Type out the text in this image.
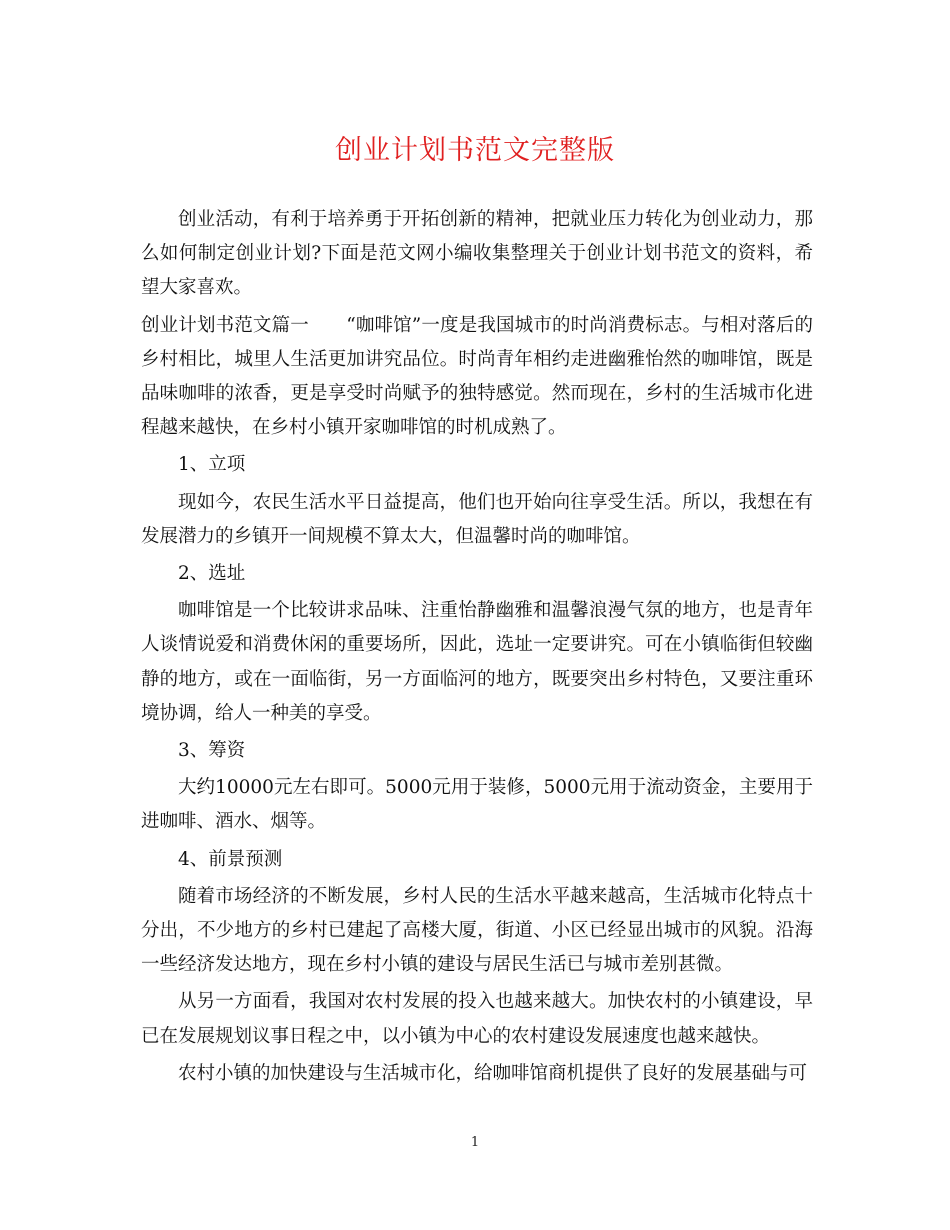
创业计划书范文完整版

创业活动，有利于培养勇于开拓创新的精神，把就业压力转化为创业动力，那么如何制定创业计划?下面是范文网小编收集整理关于创业计划书范文的资料，希望大家喜欢。

创业计划书范文篇一　　“咖啡馆”一度是我国城市的时尚消费标志。与相对落后的乡村相比，城里人生活更加讲究品位。时尚青年相约走进幽雅怡然的咖啡馆，既是品味咖啡的浓香，更是享受时尚赋予的独特感觉。然而现在，乡村的生活城市化进程越来越快，在乡村小镇开家咖啡馆的时机成熟了。

1、立项

现如今，农民生活水平日益提高，他们也开始向往享受生活。所以，我想在有发展潜力的乡镇开一间规模不算太大，但温馨时尚的咖啡馆。

2、选址

咖啡馆是一个比较讲求品味、注重怡静幽雅和温馨浪漫气氛的地方，也是青年人谈情说爱和消费休闲的重要场所，因此，选址一定要讲究。可在小镇临街但较幽静的地方，或在一面临街，另一方面临河的地方，既要突出乡村特色，又要注重环境协调，给人一种美的享受。

3、筹资

大约10000元左右即可。5000元用于装修，5000元用于流动资金，主要用于进咖啡、酒水、烟等。

4、前景预测

随着市场经济的不断发展，乡村人民的生活水平越来越高，生活城市化特点十分出，不少地方的乡村已建起了高楼大厦，街道、小区已经显出城市的风貌。沿海一些经济发达地方，现在乡村小镇的建设与居民生活已与城市差别甚微。

从另一方面看，我国对农村发展的投入也越来越大。加快农村的小镇建设，早已在发展规划议事日程之中，以小镇为中心的农村建设发展速度也越来越快。

农村小镇的加快建设与生活城市化，给咖啡馆商机提供了良好的发展基础与可

1
